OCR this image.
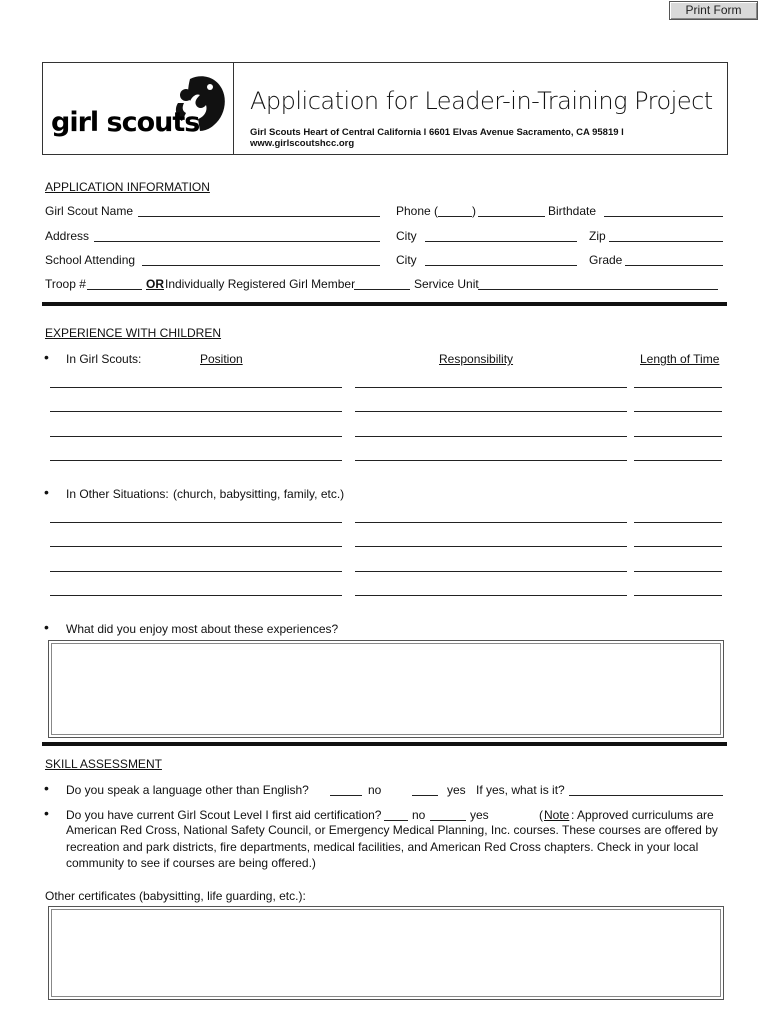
Print Form
girl scouts
Application for Leader-in-Training Project
Girl Scouts Heart of Central California l 6601 Elvas Avenue Sacramento, CA 95819 l www.girlscoutshcc.org
APPLICATION INFORMATION
Girl Scout Name	Phone (	)	Birthdate
Address	City	Zip
School Attending	City	Grade
Troop #	OR Individually Registered Girl Member	Service Unit
EXPERIENCE WITH CHILDREN
• In Girl Scouts:	Position	Responsibility	Length of Time
• In Other Situations: (church, babysitting, family, etc.)
• What did you enjoy most about these experiences?
SKILL ASSESSMENT
• Do you speak a language other than English?	no	yes If yes, what is it?
• Do you have current Girl Scout Level I first aid certification?	no	yes	( Note : Approved curriculums are
American Red Cross, National Safety Council, or Emergency Medical Planning, Inc. courses. These courses are offered by recreation and park districts, fire departments, medical facilities, and American Red Cross chapters. Check in your local community to see if courses are being offered.)
Other certificates (babysitting, life guarding, etc.):
